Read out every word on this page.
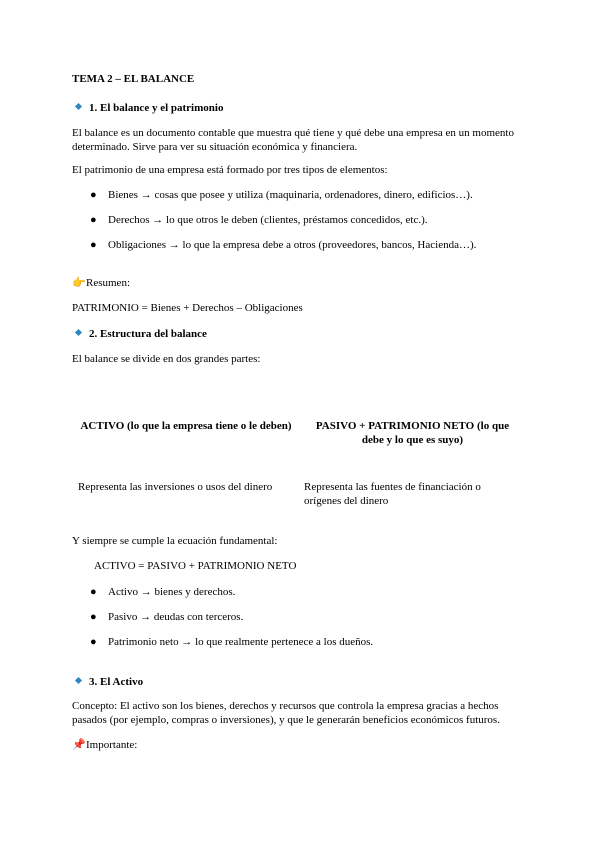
TEMA 2 – EL BALANCE
1. El balance y el patrimonio
El balance es un documento contable que muestra qué tiene y qué debe una empresa en un momento determinado. Sirve para ver su situación económica y financiera.
El patrimonio de una empresa está formado por tres tipos de elementos:
● Bienes → cosas que posee y utiliza (maquinaria, ordenadores, dinero, edificios…).
● Derechos → lo que otros le deben (clientes, préstamos concedidos, etc.).
● Obligaciones → lo que la empresa debe a otros (proveedores, bancos, Hacienda…).
👉Resumen:
PATRIMONIO = Bienes + Derechos – Obligaciones
2. Estructura del balance
El balance se divide en dos grandes partes:
ACTIVO (lo que la empresa tiene o le deben)	PASIVO + PATRIMONIO NETO (lo que debe y lo que es suyo)
Representa las inversiones o usos del dinero	Representa las fuentes de financiación o orígenes del dinero
Y siempre se cumple la ecuación fundamental:
ACTIVO = PASIVO + PATRIMONIO NETO
● Activo → bienes y derechos.
● Pasivo → deudas con terceros.
● Patrimonio neto → lo que realmente pertenece a los dueños.
3. El Activo
Concepto: El activo son los bienes, derechos y recursos que controla la empresa gracias a hechos pasados (por ejemplo, compras o inversiones), y que le generarán beneficios económicos futuros.
📌Importante:
